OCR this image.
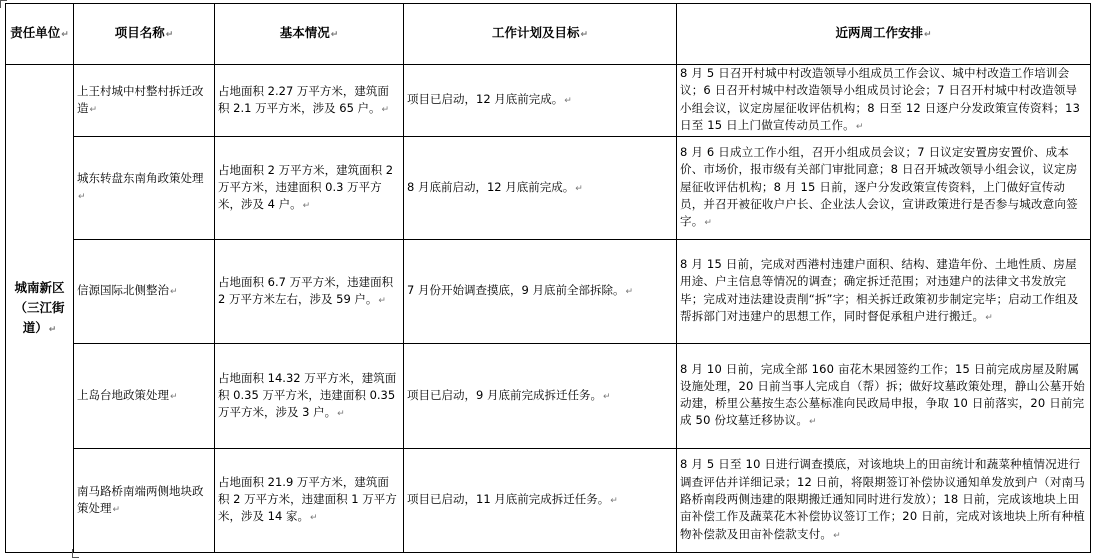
责任单位↵	项目名称↵	基本情况↵	工作计划及目标↵	近两周工作安排↵
城南新区（三江街道）↵	上王村城中村整村拆迁改造↵	占地面积 2.27 万平方米，建筑面积 2.1 万平方米，涉及 65 户。↵	项目已启动，12 月底前完成。↵	8 月 5 日召开村城中村改造领导小组成员工作会议、城中村改造工作培训会议；6 日召开村城中村改造领导小组成员讨论会；7 日召开村城中村改造领导小组会议，议定房屋征收评估机构；8 日至 12 日逐户分发政策宣传资料；13 日至 15 日上门做宣传动员工作。↵
	城东转盘东南角政策处理↵	占地面积 2 万平方米，建筑面积 2 万平方米，违建面积 0.3 万平方米，涉及 4 户。↵	8 月底前启动，12 月底前完成。↵	8 月 6 日成立工作小组，召开小组成员会议；7 日议定安置房安置价、成本价、市场价，报市级有关部门审批同意；8 日召开城改领导小组会议，议定房屋征收评估机构；8 月 15 日前，逐户分发政策宣传资料，上门做好宣传动员，并召开被征收户户长、企业法人会议，宣讲政策进行是否参与城改意向签字。↵
	信源国际北侧整治↵	占地面积 6.7 万平方米，违建面积 2 万平方米左右，涉及 59 户。↵	7 月份开始调查摸底，9 月底前全部拆除。↵	8 月 15 日前，完成对西港村违建户面积、结构、建造年份、土地性质、房屋用途、户主信息等情况的调查；确定拆迁范围；对违建户的法律文书发放完毕；完成对违法建设责削“拆”字；相关拆迁政策初步制定完毕；启动工作组及帮拆部门对违建户的思想工作，同时督促承租户进行搬迁。↵
	上岛台地政策处理↵	占地面积 14.32 万平方米，建筑面积 0.35 万平方米，违建面积 0.35 万平方米，涉及 3 户。↵	项目已启动，9 月底前完成拆迁任务。↵	8 月 10 日前，完成全部 160 亩花木果园签约工作；15 日前完成房屋及附属设施处理，20 日前当事人完成自（帮）拆；做好坟墓政策处理，静山公墓开始动建，桥里公墓按生态公墓标准向民政局申报，争取 10 日前落实，20 日前完成 50 份坟墓迁移协议。↵
	南马路桥南端两侧地块政策处理↵	占地面积 21.9 万平方米，建筑面积 2 万平方米，违建面积 1 万平方米，涉及 14 家。↵	项目已启动，11 月底前完成拆迁任务。↵	8 月 5 日至 10 日进行调查摸底，对该地块上的田亩统计和蔬菜种植情况进行调查评估并详细记录；12 日前，将限期签订补偿协议通知单发放到户（对南马路桥南段两侧违建的限期搬迁通知同时进行发放）；18 日前，完成该地块上田亩补偿工作及蔬菜花木补偿协议签订工作；20 日前，完成对该地块上所有种植物补偿款及田亩补偿款支付。↵
